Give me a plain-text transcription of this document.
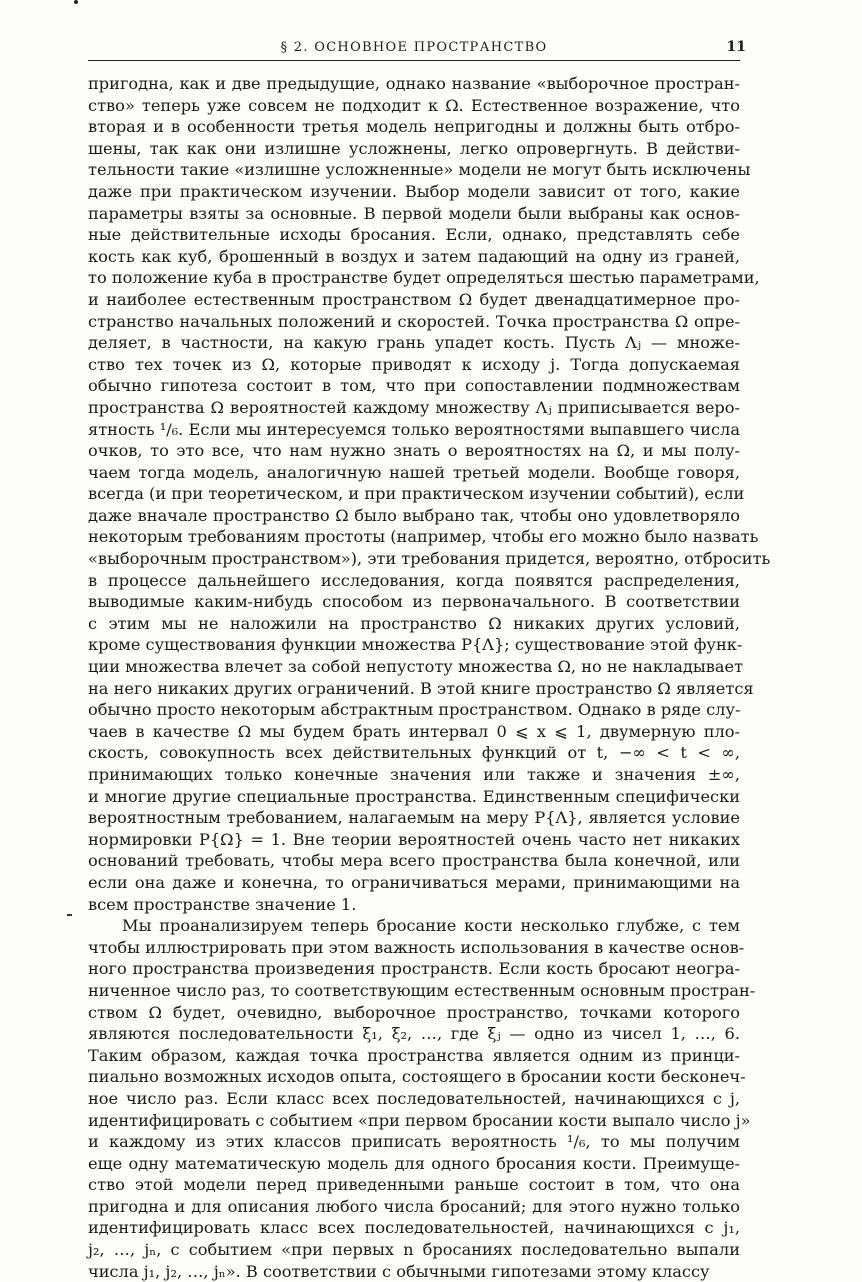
§ 2. ОСНОВНОЕ ПРОСТРАНСТВО	11
пригодна, как и две предыдущие, однако название «выборочное простран-
ство» теперь уже совсем не подходит к Ω. Естественное возражение, что
вторая и в особенности третья модель непригодны и должны быть отбро-
шены, так как они излишне усложнены, легко опровергнуть. В действи-
тельности такие «излишне усложненные» модели не могут быть исключены
даже при практическом изучении. Выбор модели зависит от того, какие
параметры взяты за основные. В первой модели были выбраны как основ-
ные действительные исходы бросания. Если, однако, представлять себе
кость как куб, брошенный в воздух и затем падающий на одну из граней,
то положение куба в пространстве будет определяться шестью параметрами,
и наиболее естественным пространством Ω будет двенадцатимерное про-
странство начальных положений и скоростей. Точка пространства Ω опре-
деляет, в частности, на какую грань упадет кость. Пусть Λⱼ — множе-
ство тех точек из Ω, которые приводят к исходу j. Тогда допускаемая
обычно гипотеза состоит в том, что при сопоставлении подмножествам
пространства Ω вероятностей каждому множеству Λⱼ приписывается веро-
ятность ¹/₆. Если мы интересуемся только вероятностями выпавшего числа
очков, то это все, что нам нужно знать о вероятностях на Ω, и мы полу-
чаем тогда модель, аналогичную нашей третьей модели. Вообще говоря,
всегда (и при теоретическом, и при практическом изучении событий), если
даже вначале пространство Ω было выбрано так, чтобы оно удовлетворяло
некоторым требованиям простоты (например, чтобы его можно было назвать
«выборочным пространством»), эти требования придется, вероятно, отбросить
в процессе дальнейшего исследования, когда появятся распределения,
выводимые каким-нибудь способом из первоначального. В соответствии
с этим мы не наложили на пространство Ω никаких других условий,
кроме существования функции множества P{Λ}; существование этой функ-
ции множества влечет за собой непустоту множества Ω, но не накладывает
на него никаких других ограничений. В этой книге пространство Ω является
обычно просто некоторым абстрактным пространством. Однако в ряде слу-
чаев в качестве Ω мы будем брать интервал 0 ⩽ x ⩽ 1, двумерную пло-
скость, совокупность всех действительных функций от t, −∞ < t < ∞,
принимающих только конечные значения или также и значения ±∞,
и многие другие специальные пространства. Единственным специфически
вероятностным требованием, налагаемым на меру P{Λ}, является условие
нормировки P{Ω} = 1. Вне теории вероятностей очень часто нет никаких
оснований требовать, чтобы мера всего пространства была конечной, или
если она даже и конечна, то ограничиваться мерами, принимающими на
всем пространстве значение 1.
Мы проанализируем теперь бросание кости несколько глубже, с тем
чтобы иллюстрировать при этом важность использования в качестве основ-
ного пространства произведения пространств. Если кость бросают неогра-
ниченное число раз, то соответствующим естественным основным простран-
ством Ω будет, очевидно, выборочное пространство, точками которого
являются последовательности ξ₁, ξ₂, …, где ξⱼ — одно из чисел 1, …, 6.
Таким образом, каждая точка пространства является одним из принци-
пиально возможных исходов опыта, состоящего в бросании кости бесконеч-
ное число раз. Если класс всех последовательностей, начинающихся с j,
идентифицировать с событием «при первом бросании кости выпало число j»
и каждому из этих классов приписать вероятность ¹/₆, то мы получим
еще одну математическую модель для одного бросания кости. Преимуще-
ство этой модели перед приведенными раньше состоит в том, что она
пригодна и для описания любого числа бросаний; для этого нужно только
идентифицировать класс всех последовательностей, начинающихся с j₁,
j₂, …, jₙ, с событием «при первых n бросаниях последовательно выпали
числа j₁, j₂, …, jₙ». В соответствии с обычными гипотезами этому классу
